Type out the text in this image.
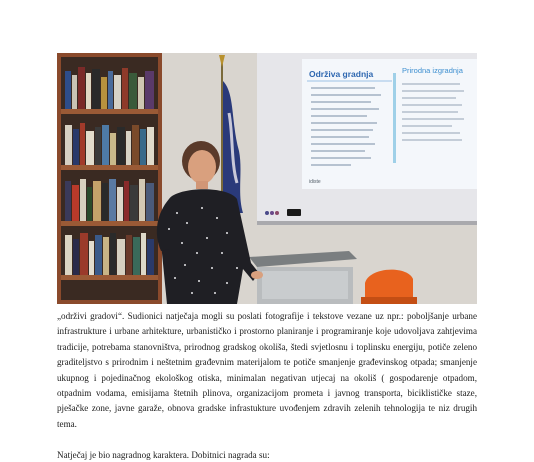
Održiva gradnja	Prirodna izgradnja
idiste

„održivi gradovi“. Sudionici natječaja mogli su poslati fotografije i tekstove vezane uz npr.: poboljšanje urbane infrastrukture i urbane arhitekture, urbanističko i prostorno planiranje i programiranje koje udovoljava zahtjevima tradicije, potrebama stanovništva, prirodnog gradskog okoliša, štedi svjetlosnu i toplinsku energiju, potiče zeleno graditeljstvo s prirodnim i neštetnim građevnim materijalom te potiče smanjenje građevinskog otpada; smanjenje ukupnog i pojedinačnog ekološkog otiska, minimalan negativan utjecaj na okoliš ( gospodarenje otpadom, otpadnim vodama, emisijama štetnih plinova, organizacijom prometa i javnog transporta, biciklističke staze, pješačke zone, javne garaže, obnova gradske infrastukture uvođenjem zdravih zelenih tehnologija te niz drugih tema.

Natječaj je bio nagradnog karaktera. Dobitnici nagrada su:
